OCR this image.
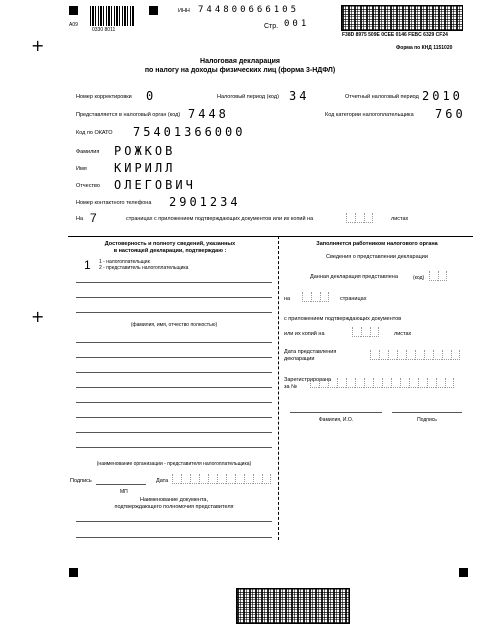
+
+
А09
0330 8011
ИНН 744800666105
Стр. 001
F38D 8975 509E 0CEE 0146 FEBC 6329 CF24
Форма по КНД 1151020
Налоговая декларация
по налогу на доходы физических лиц (форма 3-НДФЛ)
Номер корректировки 0	Налоговый период (код) 34	Отчетный налоговый период 2010
Представляется в налоговый орган (код) 7448	Код категории налогоплательщика 760
Код по ОКАТО 75401366000
Фамилия РОЖКОВ
Имя КИРИЛЛ
Отчество ОЛЕГОВИЧ
Номер контактного телефона 2901234
На 7	страницах с приложением подтверждающих документов или их копий на	листах
Достоверность и полноту сведений, указанных
в настоящей декларации, подтверждаю :
1 1 - налогоплательщик
2 - представитель налогоплательщика
(фамилия, имя, отчество полностью)
(наименование организации - представителя налогоплательщика)
Подпись	Дата
МП
Наименование документа,
подтверждающего полномочия представителя
Заполняется работником налогового органа
Сведения о представлении декларации
Данная декларация представлена	(код)
на	страницах
с приложением подтверждающих документов
или их копий на	листах
Дата представления
декларации
Зарегистрирована
за №
Фамилия, И.О.	Подпись
